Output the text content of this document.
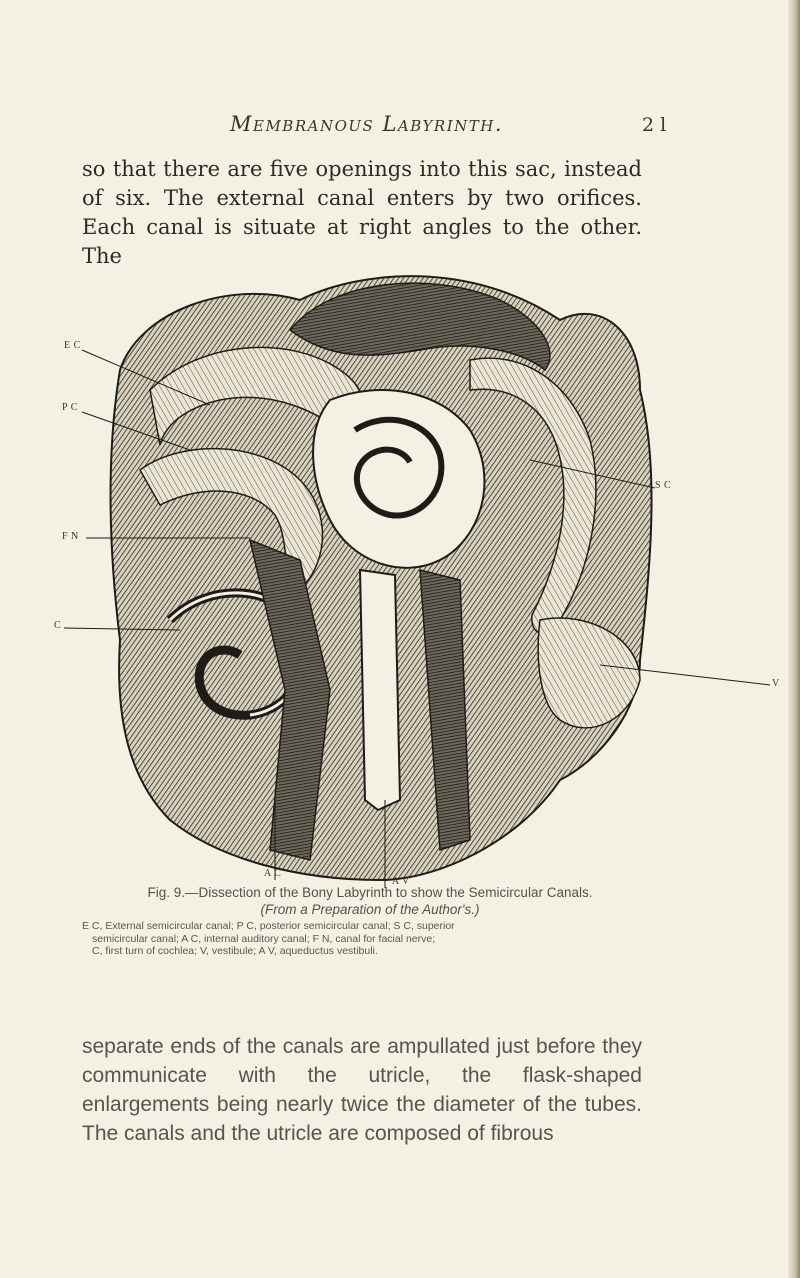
Membranous Labyrinth.	2 l

so that there are five openings into this sac, instead of six. The external canal enters by two orifices. Each canal is situate at right angles to the other. The

E C
P C
F N
C
S C
V
A C
A V
Fig. 9.—Dissection of the Bony Labyrinth to show the Semicircular Canals.
(From a Preparation of the Author's.)
E C, External semicircular canal; P C, posterior semicircular canal; S C, superior
semicircular canal; A C, internal auditory canal; F N, canal for facial nerve;
C, first turn of cochlea; V, vestibule; A V, aqueductus vestibuli.

separate ends of the canals are ampullated just before they communicate with the utricle, the flask-shaped enlargements being nearly twice the diameter of the tubes. The canals and the utricle are composed of fibrous
